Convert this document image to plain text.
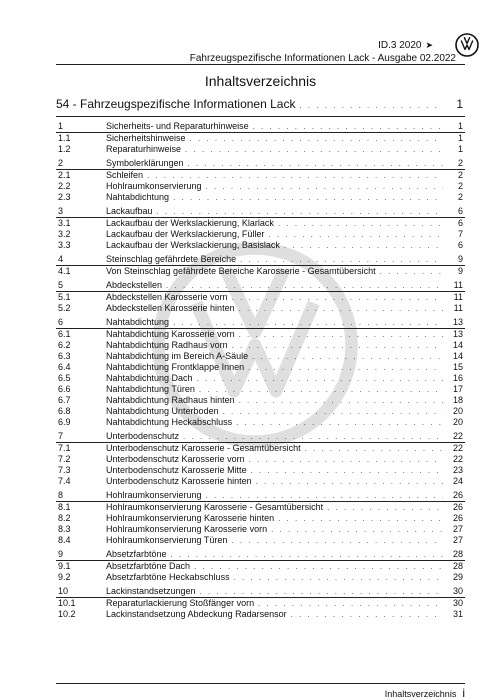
ID.3 2020 ➤
Fahrzeugspezifische Informationen Lack - Ausgabe 02.2022
Inhaltsverzeichnis
54 - Fahrzeugspezifische Informationen Lack . . .	1
1	Sicherheits- und Reparaturhinweise . . .	1
1.1	Sicherheitshinweise . . .	1
1.2	Reparaturhinweise . . .	1
2	Symbolerklärungen . . .	2
2.1	Schleifen . . .	2
2.2	Hohlraumkonservierung . . .	2
2.3	Nahtabdichtung . . .	2
3	Lackaufbau . . .	6
3.1	Lackaufbau der Werkslackierung, Klarlack . . .	6
3.2	Lackaufbau der Werkslackierung, Füller . . .	7
3.3	Lackaufbau der Werkslackierung, Basislack . . .	6
4	Steinschlag gefährdete Bereiche . . .	9
4.1	Von Steinschlag gefährdete Bereiche Karosserie - Gesamtübersicht . . .	9
5	Abdeckstellen . . .	11
5.1	Abdeckstellen Karosserie vorn . . .	11
5.2	Abdeckstellen Karosserie hinten . . .	11
6	Nahtabdichtung . . .	13
6.1	Nahtabdichtung Karosserie vorn . . .	13
6.2	Nahtabdichtung Radhaus vorn . . .	14
6.3	Nahtabdichtung im Bereich A-Säule . . .	14
6.4	Nahtabdichtung Frontklappe Innen . . .	15
6.5	Nahtabdichtung Dach . . .	16
6.6	Nahtabdichtung Türen . . .	17
6.7	Nahtabdichtung Radhaus hinten . . .	18
6.8	Nahtabdichtung Unterboden . . .	20
6.9	Nahtabdichtung Heckabschluss . . .	20
7	Unterbodenschutz . . .	22
7.1	Unterbodenschutz Karosserie - Gesamtübersicht . . .	22
7.2	Unterbodenschutz Karosserie vorn . . .	22
7.3	Unterbodenschutz Karosserie Mitte . . .	23
7.4	Unterbodenschutz Karosserie hinten . . .	24
8	Hohlraumkonservierung . . .	26
8.1	Hohlraumkonservierung Karosserie - Gesamtübersicht . . .	26
8.2	Hohlraumkonservierung Karosserie hinten . . .	26
8.3	Hohlraumkonservierung Karosserie vorn . . .	27
8.4	Hohlraumkonservierung Türen . . .	27
9	Absetzfarbtöne . . .	28
9.1	Absetzfarbtöne Dach . . .	28
9.2	Absetzfarbtöne Heckabschluss . . .	29
10	Lackinstandsetzungen . . .	30
10.1	Reparaturlackierung Stoßfänger vorn . . .	30
10.2	Lackinstandsetzung Abdeckung Radarsensor . . .	31
Inhaltsverzeichnis i
